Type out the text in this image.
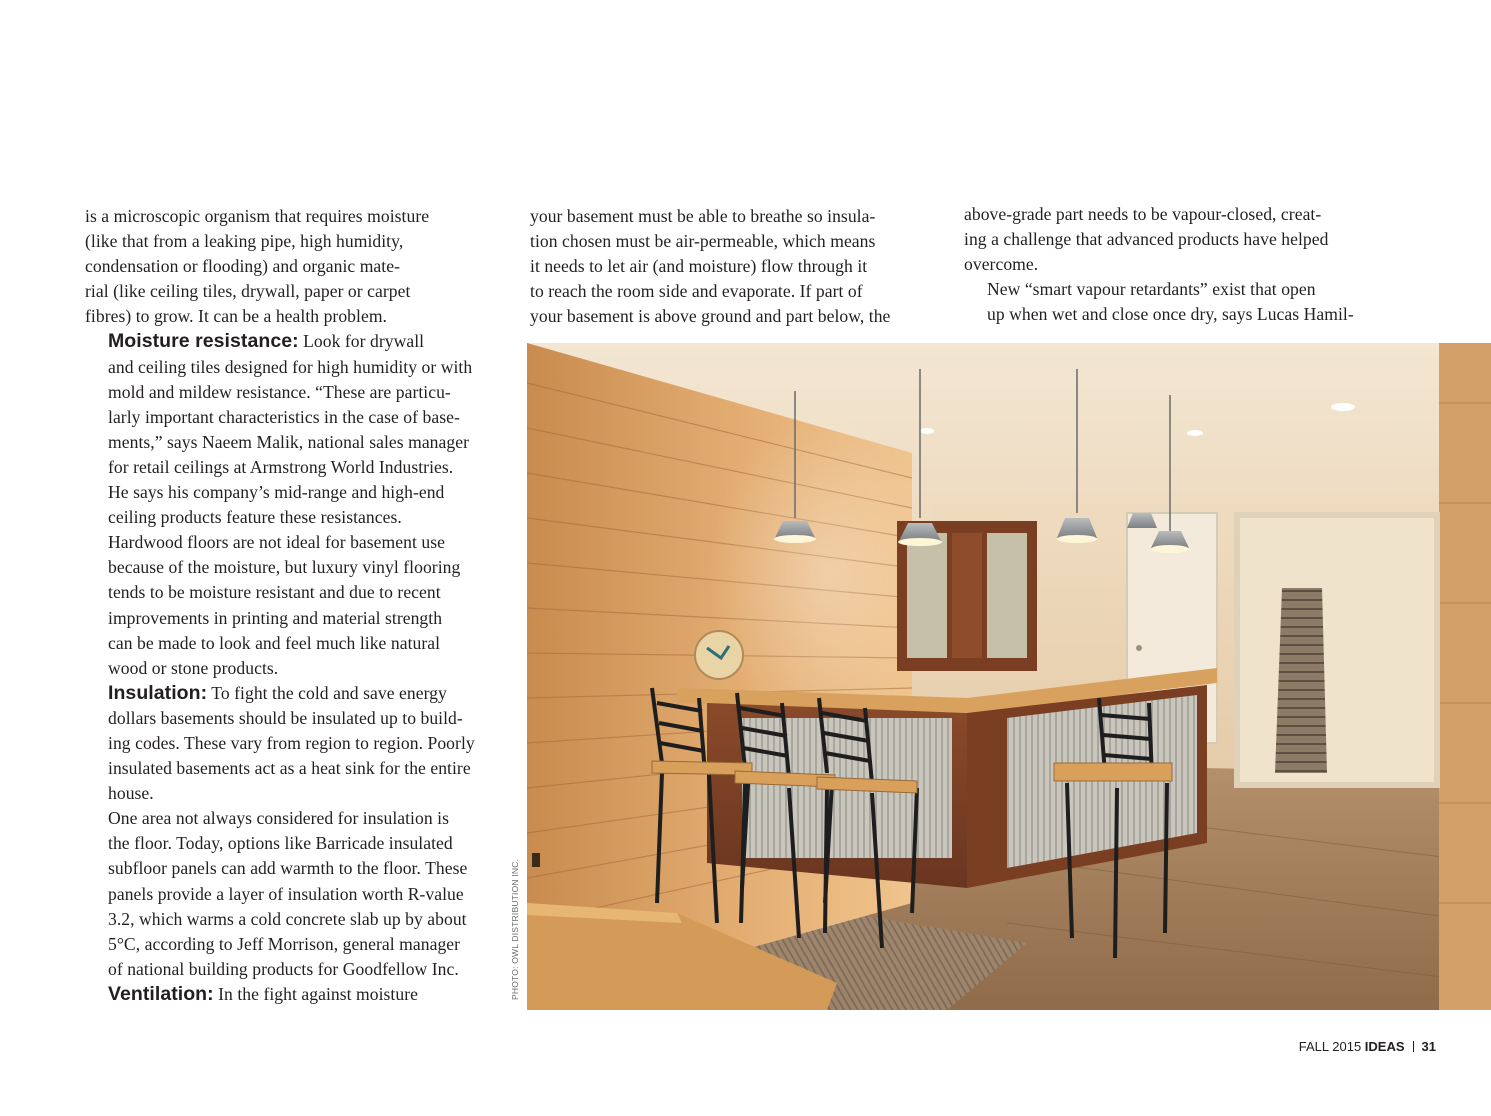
is a microscopic organism that requires moisture
(like that from a leaking pipe, high humidity,
condensation or flooding) and organic mate-
rial (like ceiling tiles, drywall, paper or carpet
fibres) to grow. It can be a health problem.

Moisture resistance: Look for drywall
and ceiling tiles designed for high humidity or with
mold and mildew resistance. “These are particu-
larly important characteristics in the case of base-
ments,” says Naeem Malik, national sales manager
for retail ceilings at Armstrong World Industries.
He says his company’s mid-range and high-end
ceiling products feature these resistances.

Hardwood floors are not ideal for basement use
because of the moisture, but luxury vinyl flooring
tends to be moisture resistant and due to recent
improvements in printing and material strength
can be made to look and feel much like natural
wood or stone products.

Insulation: To fight the cold and save energy
dollars basements should be insulated up to build-
ing codes. These vary from region to region. Poorly
insulated basements act as a heat sink for the entire
house.

One area not always considered for insulation is
the floor. Today, options like Barricade insulated
subfloor panels can add warmth to the floor. These
panels provide a layer of insulation worth R-value
3.2, which warms a cold concrete slab up by about
5°C, according to Jeff Morrison, general manager
of national building products for Goodfellow Inc.

Ventilation: In the fight against moisture

your basement must be able to breathe so insula-
tion chosen must be air-permeable, which means
it needs to let air (and moisture) flow through it
to reach the room side and evaporate. If part of
your basement is above ground and part below, the

above-grade part needs to be vapour-closed, creat-
ing a challenge that advanced products have helped
overcome.

New “smart vapour retardants” exist that open
up when wet and close once dry, says Lucas Hamil-

PHOTO: OWL DISTRIBUTION INC.
FALL 2015 IDEAS 31
